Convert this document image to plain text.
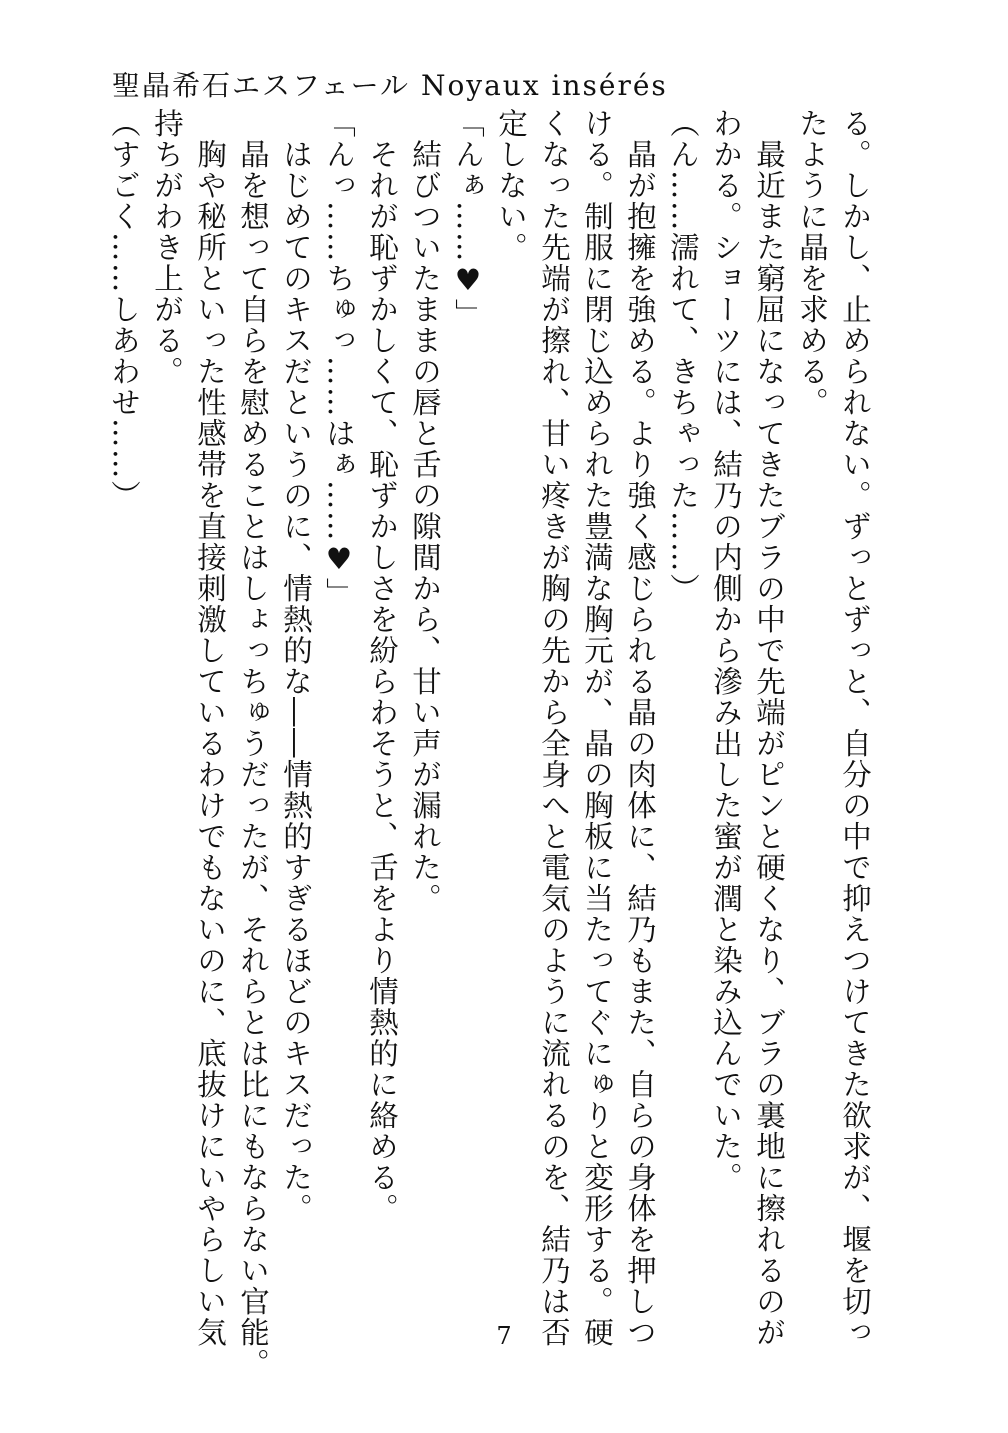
聖晶希石エスフェール Noyaux insérés

る。しかし、止められない。ずっとずっと、自分の中で抑えつけてきた欲求が、堰を切っ

たように晶を求める。

　最近また窮屈になってきたブラの中で先端がピンと硬くなり、ブラの裏地に擦れるのが

わかる。ショーツには、結乃の内側から滲み出した蜜が潤と染み込んでいた。

（ん……濡れて、きちゃった……）

　晶が抱擁を強める。より強く感じられる晶の肉体に、結乃もまた、自らの身体を押しつ

ける。制服に閉じ込められた豊満な胸元が、晶の胸板に当たってぐにゅりと変形する。硬

くなった先端が擦れ、甘い疼きが胸の先から全身へと電気のように流れるのを、結乃は否

定しない。

「んぁ……♥」

　結びついたままの唇と舌の隙間から、甘い声が漏れた。

　それが恥ずかしくて、恥ずかしさを紛らわそうと、舌をより情熱的に絡める。

「んっ……ちゅっ……はぁ……♥」

　はじめてのキスだというのに、情熱的な――情熱的すぎるほどのキスだった。

　晶を想って自らを慰めることはしょっちゅうだったが、それらとは比にもならない官能。

　胸や秘所といった性感帯を直接刺激しているわけでもないのに、底抜けにいやらしい気

持ちがわき上がる。

（すごく……しあわせ……）

7
